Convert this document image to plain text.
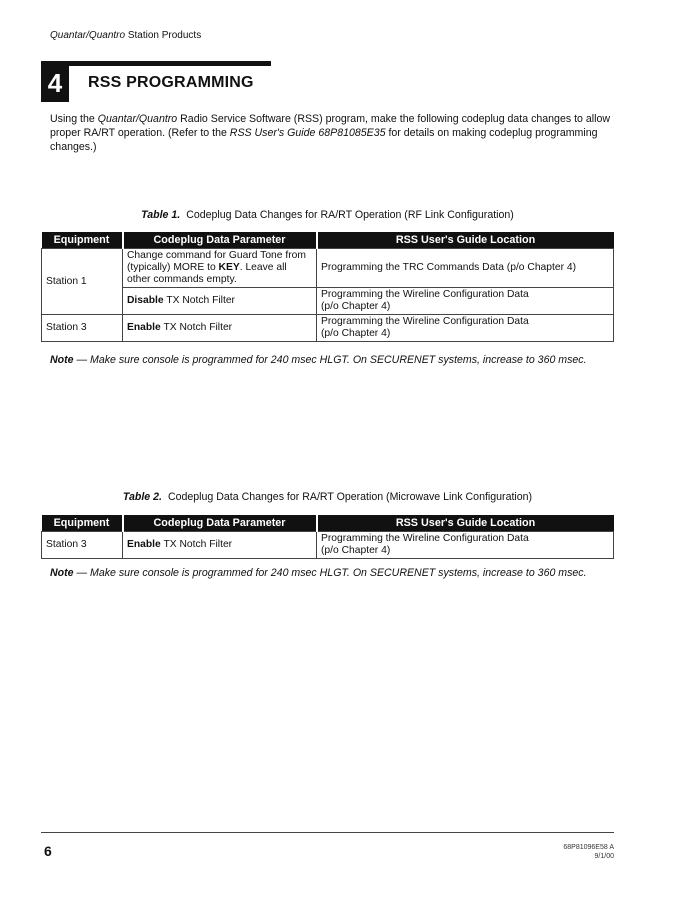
Quantar/Quantro Station Products
4	RSS PROGRAMMING
Using the Quantar/Quantro Radio Service Software (RSS) program, make the following codeplug data changes to allow proper RA/RT operation. (Refer to the RSS User's Guide 68P81085E35 for details on making codeplug programming changes.)
Table 1. Codeplug Data Changes for RA/RT Operation (RF Link Configuration)
Equipment	Codeplug Data Parameter	RSS User's Guide Location
Station 1	Change command for Guard Tone from (typically) MORE to KEY. Leave all other commands empty.	Programming the TRC Commands Data (p/o Chapter 4)
	Disable TX Notch Filter	Programming the Wireline Configuration Data
(p/o Chapter 4)

Station 3	Enable TX Notch Filter	Programming the Wireline Configuration Data
(p/o Chapter 4)
Note — Make sure console is programmed for 240 msec HLGT. On SECURENET systems, increase to 360 msec.
Table 2. Codeplug Data Changes for RA/RT Operation (Microwave Link Configuration)
Equipment	Codeplug Data Parameter	RSS User's Guide Location
Station 3	Enable TX Notch Filter	Programming the Wireline Configuration Data
(p/o Chapter 4)
Note — Make sure console is programmed for 240 msec HLGT. On SECURENET systems, increase to 360 msec.
6	68P81096E58 A
9/1/00
